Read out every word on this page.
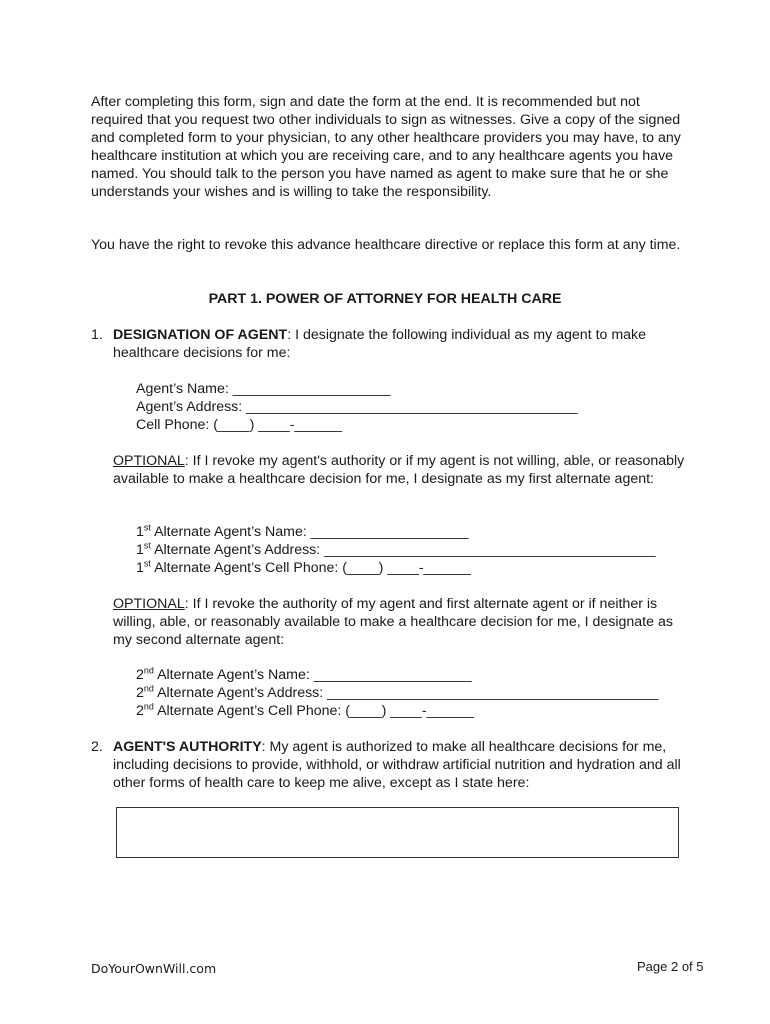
After completing this form, sign and date the form at the end. It is recommended but not required that you request two other individuals to sign as witnesses. Give a copy of the signed and completed form to your physician, to any other healthcare providers you may have, to any healthcare institution at which you are receiving care, and to any healthcare agents you have named. You should talk to the person you have named as agent to make sure that he or she understands your wishes and is willing to take the responsibility.

You have the right to revoke this advance healthcare directive or replace this form at any time.

PART 1. POWER OF ATTORNEY FOR HEALTH CARE
1. DESIGNATION OF AGENT: I designate the following individual as my agent to make healthcare decisions for me:
Agent’s Name: ____________________
Agent’s Address: __________________________________________
Cell Phone: (____) ____-______
OPTIONAL: If I revoke my agent's authority or if my agent is not willing, able, or reasonably available to make a healthcare decision for me, I designate as my first alternate agent:
1st Alternate Agent’s Name: ____________________
1st Alternate Agent’s Address: __________________________________________
1st Alternate Agent’s Cell Phone: (____) ____-______
OPTIONAL: If I revoke the authority of my agent and first alternate agent or if neither is willing, able, or reasonably available to make a healthcare decision for me, I designate as my second alternate agent:
2nd Alternate Agent’s Name: ____________________
2nd Alternate Agent’s Address: __________________________________________
2nd Alternate Agent’s Cell Phone: (____) ____-______
2. AGENT'S AUTHORITY: My agent is authorized to make all healthcare decisions for me, including decisions to provide, withhold, or withdraw artificial nutrition and hydration and all other forms of health care to keep me alive, except as I state here:
DoYourOwnWill.com	Page 2 of 5
